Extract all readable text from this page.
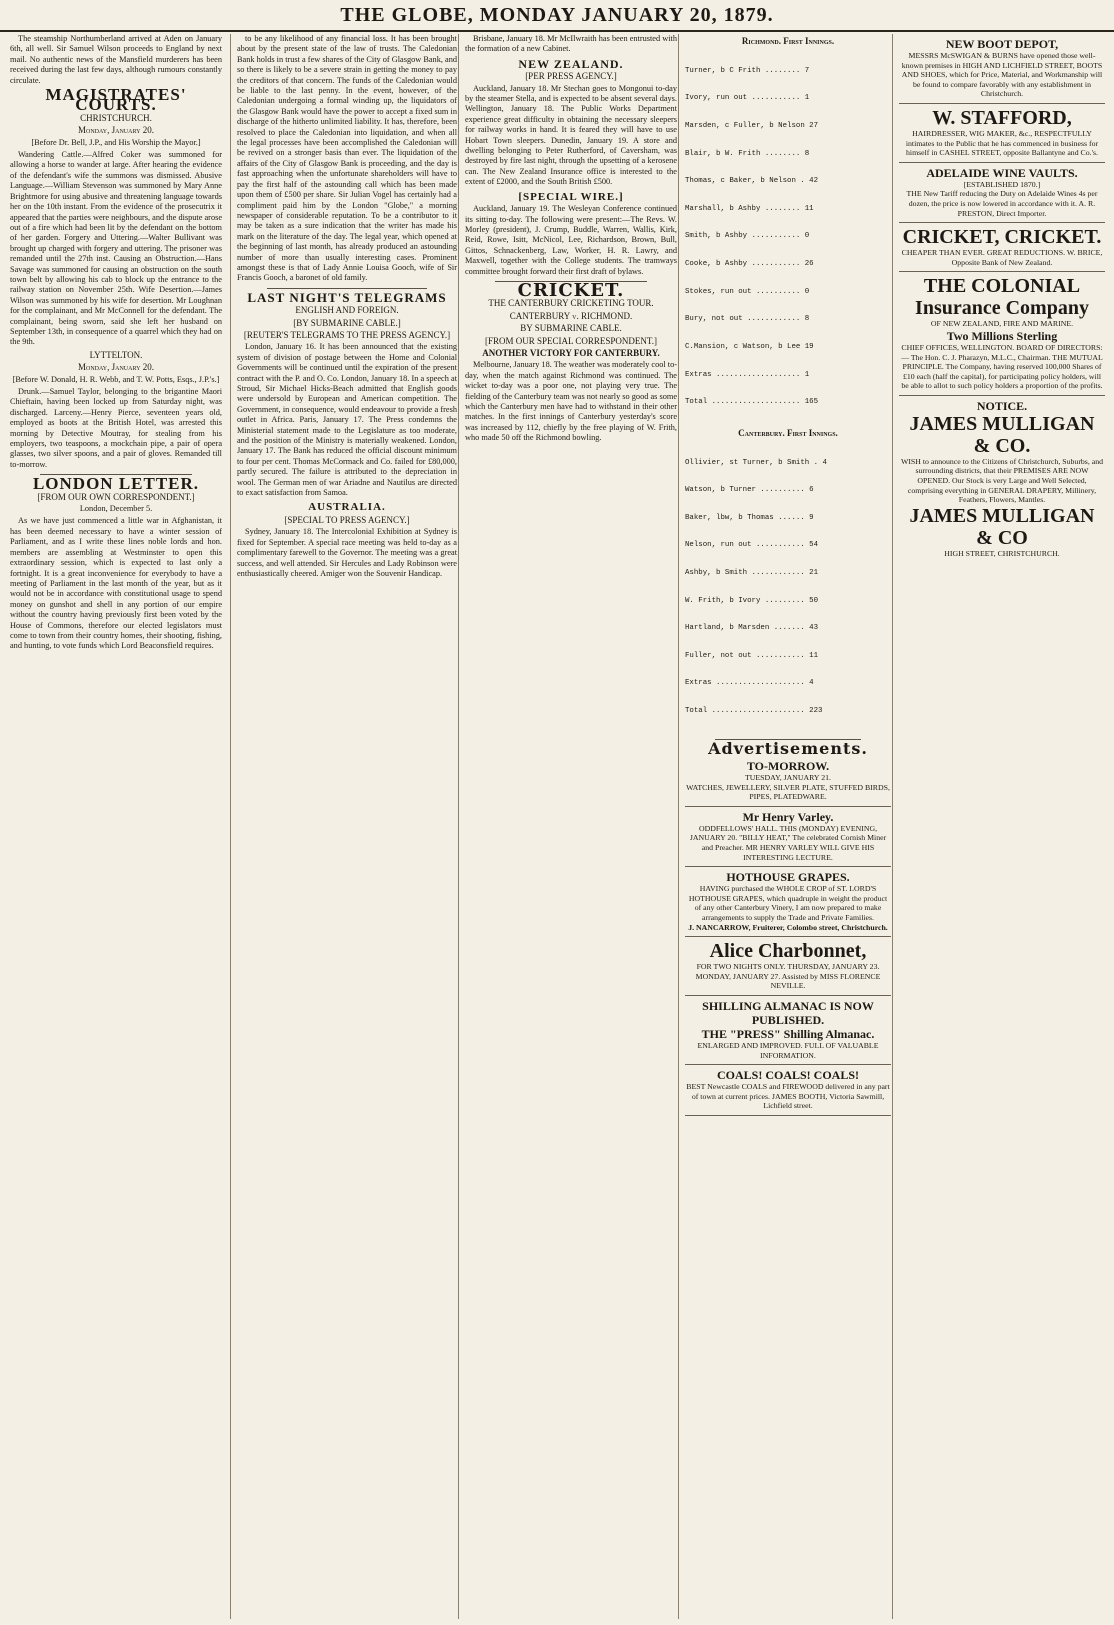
THE GLOBE, MONDAY JANUARY 20, 1879.

The steamship Northumberland arrived at Aden on January 6th, all well. Sir Samuel Wilson proceeds to England by next mail. No authentic news of the Mansfield murderers has been received during the last few days, although rumours constantly circulate.

MAGISTRATES' COURTS.
CHRISTCHURCH.
Monday, January 20.

[Before Dr. Bell, J.P., and His Worship the Mayor.]

Wandering Cattle.—Alfred Coker was summoned for allowing a horse to wander at large. After hearing the evidence of the defendant's wife the summons was dismissed. Abusive Language.—William Stevenson was summoned by Mary Anne Brightmore for using abusive and threatening language towards her on the 10th instant. From the evidence of the prosecutrix it appeared that the parties were neighbours, and the dispute arose out of a fire which had been lit by the defendant on the bottom of her garden. Forgery and Uttering.—Walter Bullivant was brought up charged with forgery and uttering. The prisoner was remanded until the 27th inst. Causing an Obstruction.—Hans Savage was summoned for causing an obstruction on the south town belt by allowing his cab to block up the entrance to the railway station on November 25th. Wife Desertion.—James Wilson was summoned by his wife for desertion. Mr Loughnan for the complainant, and Mr McConnell for the defendant. The complainant, being sworn, said she left her husband on September 13th, in consequence of a quarrel which they had on the 9th.

LYTTELTON.
Monday, January 20.

[Before W. Donald, H. R. Webb, and T. W. Potts, Esqs., J.P.'s.]

Drunk.—Samuel Taylor, belonging to the brigantine Maori Chieftain, having been locked up from Saturday night, was discharged. Larceny.—Henry Pierce, seventeen years old, employed as boots at the British Hotel, was arrested this morning by Detective Moutray, for stealing from his employers, two teaspoons, a mockchain pipe, a pair of opera glasses, two silver spoons, and a pair of gloves. Remanded till to-morrow.

LONDON LETTER.
[FROM OUR OWN CORRESPONDENT.]

London, December 5.

As we have just commenced a little war in Afghanistan, it has been deemed necessary to have a winter session of Parliament, and as I write these lines noble lords and hon. members are assembling at Westminster to open this extraordinary session, which is expected to last only a fortnight. It is a great inconvenience for everybody to have a meeting of Parliament in the last month of the year, but as it would not be in accordance with constitutional usage to spend money on gunshot and shell in any portion of our empire without the country having previously first been voted by the House of Commons, therefore our elected legislators must come to town from their country homes, their shooting, fishing, and hunting, to vote funds which Lord Beaconsfield requires.

to be any likelihood of any financial loss. It has been brought about by the present state of the law of trusts. The Caledonian Bank holds in trust a few shares of the City of Glasgow Bank, and so there is likely to be a severe strain in getting the money to pay the creditors of that concern. The funds of the Caledonian would be liable to the last penny. In the event, however, of the Caledonian undergoing a formal winding up, the liquidators of the Glasgow Bank would have the power to accept a fixed sum in discharge of the hitherto unlimited liability. It has, therefore, been resolved to place the Caledonian into liquidation, and when all the legal processes have been accomplished the Caledonian will be revived on a stronger basis than ever. The liquidation of the affairs of the City of Glasgow Bank is proceeding, and the day is fast approaching when the unfortunate shareholders will have to pay the first half of the astounding call which has been made upon them of £500 per share. Sir Julian Vogel has certainly had a compliment paid him by the London "Globe," a morning newspaper of considerable reputation. To be a contributor to it may be taken as a sure indication that the writer has made his mark on the literature of the day. The legal year, which opened at the beginning of last month, has already produced an astounding number of more than usually interesting cases. Prominent amongst these is that of Lady Annie Louisa Gooch, wife of Sir Francis Gooch, a baronet of old family.

LAST NIGHT'S TELEGRAMS
ENGLISH AND FOREIGN.
[BY SUBMARINE CABLE.]
[REUTER'S TELEGRAMS TO THE PRESS AGENCY.]

London, January 16. It has been announced that the existing system of division of postage between the Home and Colonial Governments will be continued until the expiration of the present contract with the P. and O. Co. London, January 18. In a speech at Stroud, Sir Michael Hicks-Beach admitted that English goods were undersold by European and American competition. The Government, in consequence, would endeavour to provide a fresh outlet in Africa. Paris, January 17. The Press condemns the Ministerial statement made to the Legislature as too moderate, and the position of the Ministry is materially weakened. London, January 17. The Bank has reduced the official discount minimum to four per cent. Thomas McCormack and Co. failed for £80,000, partly secured. The failure is attributed to the depreciation in wool. The German men of war Ariadne and Nautilus are directed to exact satisfaction from Samoa.

AUSTRALIA.
[SPECIAL TO PRESS AGENCY.]

Sydney, January 18. The Intercolonial Exhibition at Sydney is fixed for September. A special race meeting was held to-day as a complimentary farewell to the Governor. The meeting was a great success, and well attended. Sir Hercules and Lady Robinson were enthusiastically cheered. Amiger won the Souvenir Handicap.

Brisbane, January 18. Mr McIlwraith has been entrusted with the formation of a new Cabinet.

NEW ZEALAND.
[PER PRESS AGENCY.]

Auckland, January 18. Mr Stechan goes to Mongonui to-day by the steamer Stella, and is expected to be absent several days. Wellington, January 18. The Public Works Department experience great difficulty in obtaining the necessary sleepers for railway works in hand. It is feared they will have to use Hobart Town sleepers. Dunedin, January 19. A store and dwelling belonging to Peter Rutherford, of Caversham, was destroyed by fire last night, through the upsetting of a kerosene can. The New Zealand Insurance office is interested to the extent of £2000, and the South British £500.

[SPECIAL WIRE.]

Auckland, January 19. The Wesleyan Conference continued its sitting to-day. The following were present:—The Revs. W. Morley (president), J. Crump, Buddle, Warren, Wallis, Kirk, Reid, Rowe, Isitt, McNicol, Lee, Richardson, Brown, Bull, Gittos, Schnackenberg, Law, Worker, H. R. Lawry, and Maxwell, together with the College students. The tramways committee brought forward their first draft of bylaws.

CRICKET.
THE CANTERBURY CRICKETING TOUR.
CANTERBURY v. RICHMOND.
BY SUBMARINE CABLE.
[FROM OUR SPECIAL CORRESPONDENT.]
ANOTHER VICTORY FOR CANTERBURY.

Melbourne, January 18. The weather was moderately cool to-day, when the match against Richmond was continued. The wicket to-day was a poor one, not playing very true. The fielding of the Canterbury team was not nearly so good as some which the Canterbury men have had to withstand in their other matches. In the first innings of Canterbury yesterday's score was increased by 112, chiefly by the free playing of W. Frith, who made 50 off the Richmond bowling.

Richmond. First Innings.

Turner, b C Frith ........ 7

Ivory, run out ........... 1

Marsden, c Fuller, b Nelson 27

Blair, b W. Frith ........ 8

Thomas, c Baker, b Nelson . 42

Marshall, b Ashby ........ 11

Smith, b Ashby ........... 0

Cooke, b Ashby ........... 26

Stokes, run out .......... 0

Bury, not out ............ 8

C.Mansion, c Watson, b Lee 19

Extras ................... 1

Total .................... 165

Canterbury. First Innings.

Ollivier, st Turner, b Smith . 4

Watson, b Turner .......... 6

Baker, lbw, b Thomas ...... 9

Nelson, run out ........... 54

Ashby, b Smith ............ 21

W. Frith, b Ivory ......... 50

Hartland, b Marsden ....... 43

Fuller, not out ........... 11

Extras .................... 4

Total ..................... 223

Advertisements.
TO-MORROW.
TUESDAY, JANUARY 21.
WATCHES, JEWELLERY, SILVER PLATE, STUFFED BIRDS, PIPES, PLATEDWARE.
Mr Henry Varley.
ODDFELLOWS' HALL. THIS (MONDAY) EVENING, JANUARY 20. "BILLY HEAT," The celebrated Cornish Miner and Preacher. MR HENRY VARLEY WILL GIVE HIS INTERESTING LECTURE.
HOTHOUSE GRAPES.
HAVING purchased the WHOLE CROP of ST. LORD'S HOTHOUSE GRAPES, which quadruple in weight the product of any other Canterbury Vinery, I am now prepared to make arrangements to supply the Trade and Private Families.
J. NANCARROW, Fruiterer, Colombo street, Christchurch.
Alice Charbonnet,
FOR TWO NIGHTS ONLY. THURSDAY, JANUARY 23. MONDAY, JANUARY 27. Assisted by MISS FLORENCE NEVILLE.
SHILLING ALMANAC IS NOW PUBLISHED.
THE "PRESS" Shilling Almanac.
ENLARGED AND IMPROVED. FULL OF VALUABLE INFORMATION.
COALS! COALS! COALS!
BEST Newcastle COALS and FIREWOOD delivered in any part of town at current prices. JAMES BOOTH, Victoria Sawmill, Lichfield street.
NEW BOOT DEPOT,
MESSRS McSWIGAN & BURNS have opened those well-known premises in HIGH AND LICHFIELD STREET, BOOTS AND SHOES, which for Price, Material, and Workmanship will be found to compare favorably with any establishment in Christchurch.
W. STAFFORD,
HAIRDRESSER, WIG MAKER, &c., RESPECTFULLY intimates to the Public that he has commenced in business for himself in CASHEL STREET, opposite Ballantyne and Co.'s.
ADELAIDE WINE VAULTS.
[ESTABLISHED 1870.]
THE New Tariff reducing the Duty on Adelaide Wines 4s per dozen, the price is now lowered in accordance with it. A. R. PRESTON, Direct Importer.
CRICKET, CRICKET.
CHEAPER THAN EVER. GREAT REDUCTIONS. W. BRICE, Opposite Bank of New Zealand.
THE COLONIAL Insurance Company
OF NEW ZEALAND, FIRE AND MARINE.
Two Millions Sterling
CHIEF OFFICES, WELLINGTON. BOARD OF DIRECTORS:— The Hon. C. J. Pharazyn, M.L.C., Chairman. THE MUTUAL PRINCIPLE. The Company, having reserved 100,000 Shares of £10 each (half the capital), for participating policy holders, will be able to allot to such policy holders a proportion of the profits.
NOTICE.
JAMES MULLIGAN & CO.
WISH to announce to the Citizens of Christchurch, Suburbs, and surrounding districts, that their PREMISES ARE NOW OPENED. Our Stock is very Large and Well Selected, comprising everything in GENERAL DRAPERY, Millinery, Feathers, Flowers, Mantles.
JAMES MULLIGAN & CO
HIGH STREET, CHRISTCHURCH.
